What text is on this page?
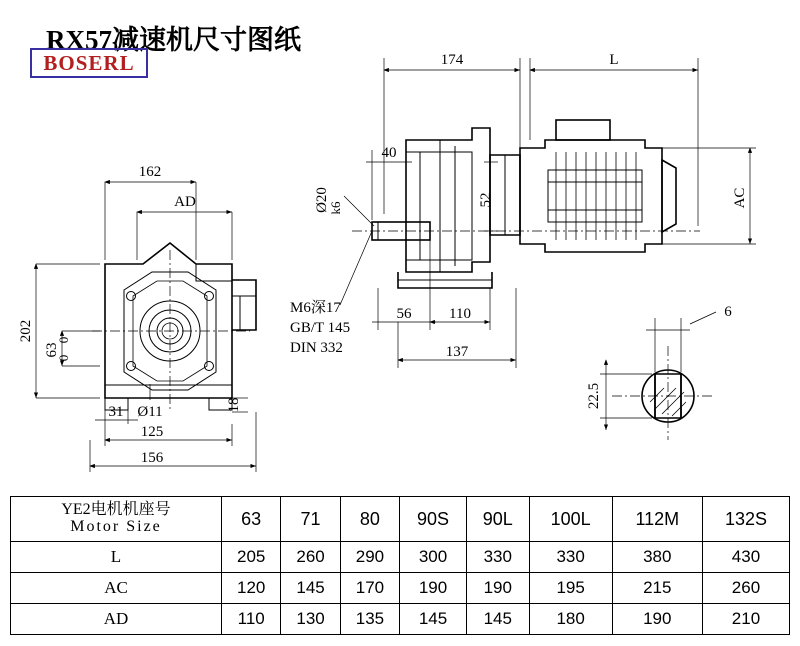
RX57减速机尺寸图纸
BOSERL
162
AD
202
63
0
0
31 Ø11
125
156
18
174	L
AC
40
Ø20
k6
52
M6深17
GB/T 145
DIN 332
56	110
137
6
22.5
YE2电机机座号
Motor Size	63	71	80	90S	90L	100L	112M	132S
L	205	260	290	300	330	330	380	430
AC	120	145	170	190	190	195	215	260
AD	110	130	135	145	145	180	190	210
